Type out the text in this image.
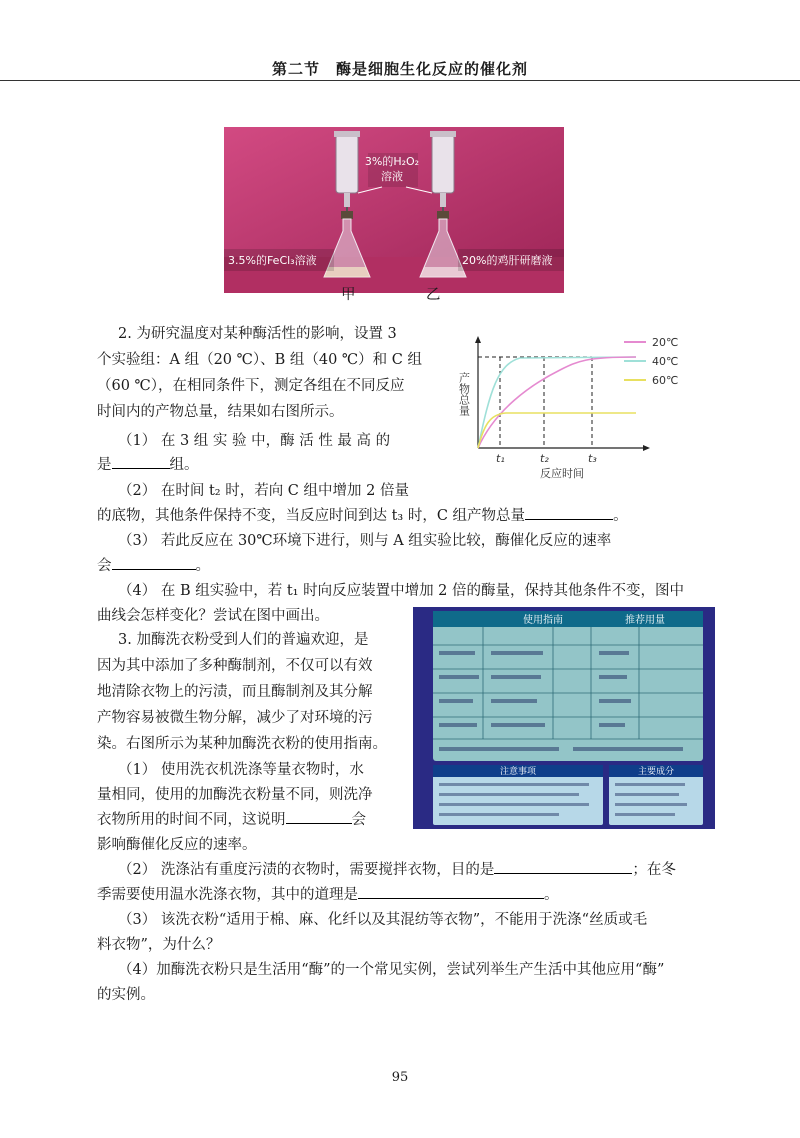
第二节　酶是细胞生化反应的催化剂
3%的H₂O₂
溶液
3.5%的FeCl₃溶液	20%的鸡肝研磨液
甲	乙
20℃
40℃
60℃
产物总量
t₁	t₂	t₃
反应时间
2. 为研究温度对某种酶活性的影响，设置 3
个实验组：A 组（20 ℃）、B 组（40 ℃）和 C 组
（60 ℃），在相同条件下，测定各组在不同反应
时间内的产物总量，结果如右图所示。
（1） 在 3 组 实 验 中，酶 活 性 最 高 的
是	组。
（2） 在时间 t₂ 时，若向 C 组中增加 2 倍量
的底物，其他条件保持不变，当反应时间到达 t₃ 时，C 组产物总量	。
（3） 若此反应在 30℃环境下进行，则与 A 组实验比较，酶催化反应的速率
会	。
（4） 在 B 组实验中，若 t₁ 时向反应装置中增加 2 倍的酶量，保持其他条件不变，图中
曲线会怎样变化？尝试在图中画出。	使用指南	推荐用量
注意事项	主要成分
3. 加酶洗衣粉受到人们的普遍欢迎，是
因为其中添加了多种酶制剂，不仅可以有效
地清除衣物上的污渍，而且酶制剂及其分解
产物容易被微生物分解，减少了对环境的污
染。右图所示为某种加酶洗衣粉的使用指南。
（1） 使用洗衣机洗涤等量衣物时，水
量相同，使用的加酶洗衣粉量不同，则洗净
衣物所用的时间不同，这说明	会
影响酶催化反应的速率。
（2） 洗涤沾有重度污渍的衣物时，需要搅拌衣物，目的是	；在冬
季需要使用温水洗涤衣物，其中的道理是	。
（3） 该洗衣粉“适用于棉、麻、化纤以及其混纺等衣物”，不能用于洗涤“丝质或毛
料衣物”，为什么？
（4）加酶洗衣粉只是生活用“酶”的一个常见实例，尝试列举生产生活中其他应用“酶”
的实例。
95
